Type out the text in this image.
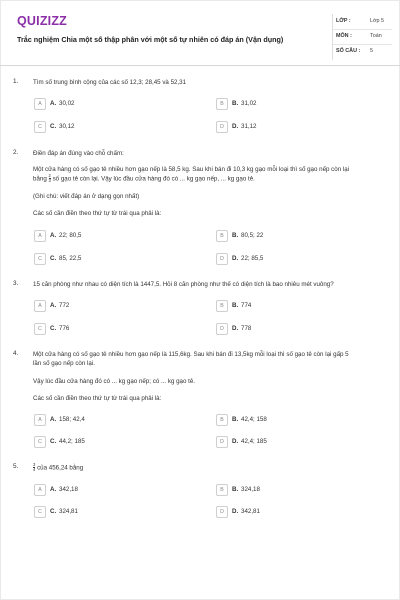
QUIZIZZ
Trắc nghiệm Chia một số thập phân với một số tự nhiên có đáp án (Vận dụng)
LỚP :	Lớp 5
MÔN :	Toán
SỐ CÂU : 5
1. Tìm số trung bình cộng của các số 12,3; 28,45 và 52,31
A	A. 30,02	B	B. 31,02
C	C. 30,12	D	D. 31,12
2. Điền đáp án đúng vào chỗ chấm:
Một cửa hàng có số gạo tẻ nhiều hơn gạo nếp là 58,5 kg. Sau khi bán đi 10,3 kg gạo mỗi loại thì số gạo nếp còn lại
bằng $\frac{2}{3}$ số gạo tẻ còn lại. Vậy lúc đầu cửa hàng đó có ... kg gạo nếp, ... kg gạo tẻ.
(Ghi chú: viết đáp án ở dạng gọn nhất)
Các số cần điền theo thứ tự từ trái qua phải là:
A	A. 22; 80,5	B	B. 80,5; 22
C	C. 85, 22,5	D	D. 22; 85,5
3. 15 căn phòng như nhau có diện tích là 1447,5. Hỏi 8 căn phòng như thế có diện tích là bao nhiêu mét vuông?
A	A. 772	B	B. 774
C	C. 776	D	D. 778
4. Một cửa hàng có số gạo tẻ nhiều hơn gạo nếp là 115,6kg. Sau khi bán đi 13,5kg mỗi loại thì số gạo tẻ còn lại gấp 5
lần số gạo nếp còn lại.
Vậy lúc đầu cửa hàng đó có ... kg gạo nếp; có ... kg gạo tẻ.
Các số cần điền theo thứ tự từ trái qua phải là:
A	A. 158; 42,4	B	B. 42,4; 158
C	C. 44,2; 185	D	D. 42,4; 185
5.	$\frac{3}{4}$ của 456,24 bằng
A	A. 342,18	B	B. 324,18
C	C. 324,81	D	D. 342,81
